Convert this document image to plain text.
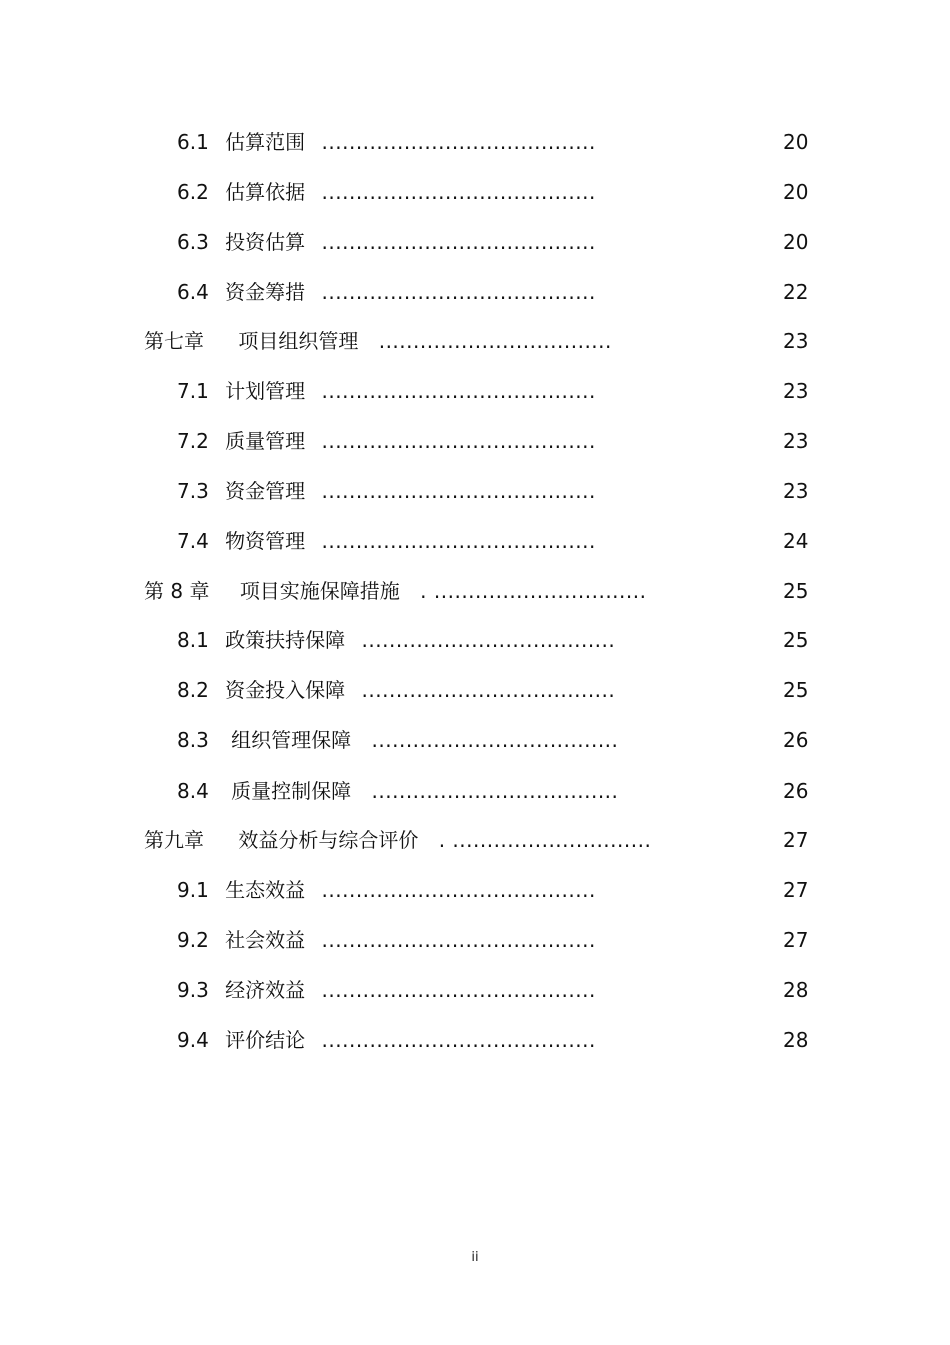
6.1 估算范围 ........................................	20
6.2 估算依据 ........................................	20
6.3 投资估算 ........................................	20
6.4 资金筹措 ........................................	22
第七章 项目组织管理 ..................................	23
7.1 计划管理 ........................................	23
7.2 质量管理 ........................................	23
7.3 资金管理 ........................................	23
7.4 物资管理 ........................................	24
第 8 章 项目实施保障措施 . ...............................	25
8.1 政策扶持保障 .....................................	25
8.2 资金投入保障 .....................................	25
8.3 组织管理保障 ....................................	26
8.4 质量控制保障 ....................................	26
第九章 效益分析与综合评价 . .............................	27
9.1 生态效益 ........................................	27
9.2 社会效益 ........................................	27
9.3 经济效益 ........................................	28
9.4 评价结论 ........................................	28
ii
